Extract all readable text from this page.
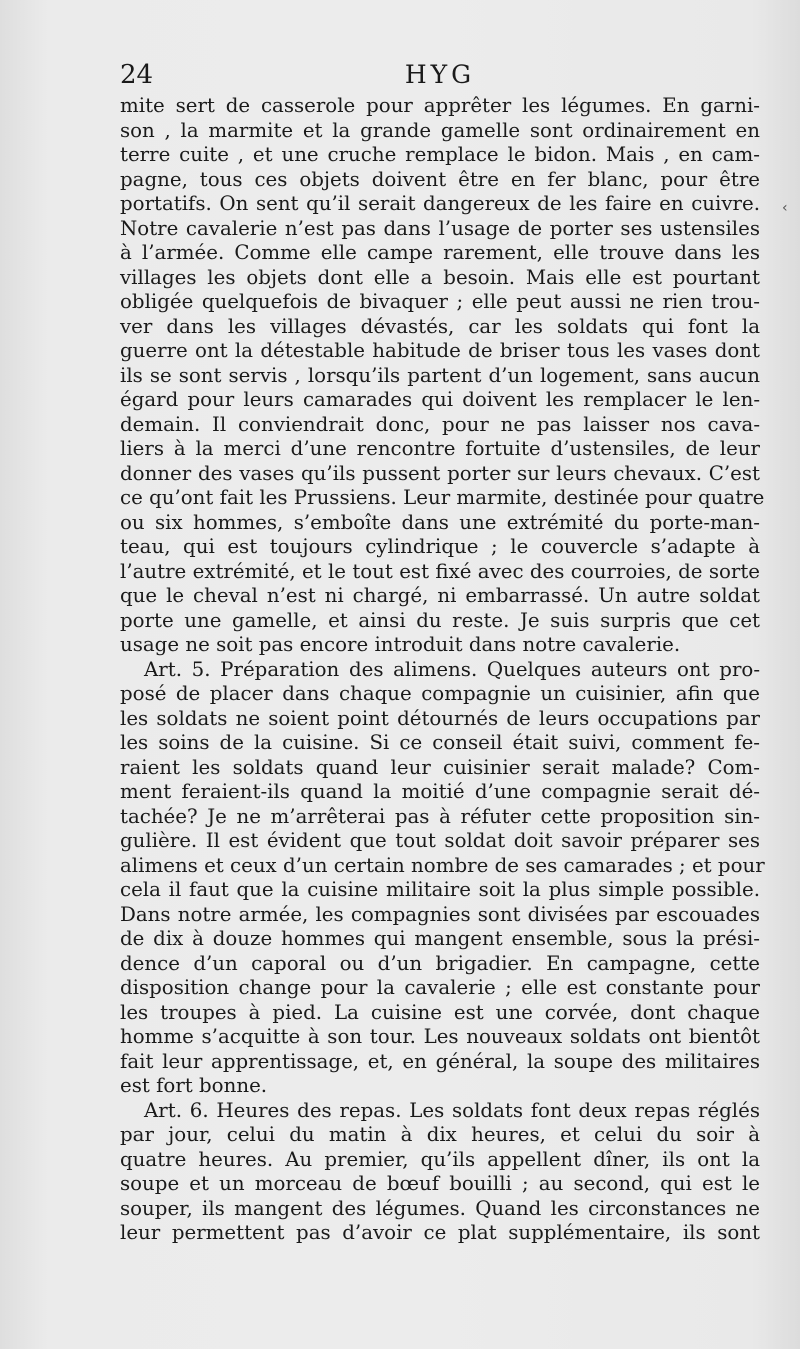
24	HYG
‹
mite sert de casserole pour apprêter les légumes. En garni-
son , la marmite et la grande gamelle sont ordinairement en
terre cuite , et une cruche remplace le bidon. Mais , en cam-
pagne, tous ces objets doivent être en fer blanc, pour être
portatifs. On sent qu’il serait dangereux de les faire en cuivre.
Notre cavalerie n’est pas dans l’usage de porter ses ustensiles
à l’armée. Comme elle campe rarement, elle trouve dans les
villages les objets dont elle a besoin. Mais elle est pourtant
obligée quelquefois de bivaquer ; elle peut aussi ne rien trou-
ver dans les villages dévastés, car les soldats qui font la
guerre ont la détestable habitude de briser tous les vases dont
ils se sont servis , lorsqu’ils partent d’un logement, sans aucun
égard pour leurs camarades qui doivent les remplacer le len-
demain. Il conviendrait donc, pour ne pas laisser nos cava-
liers à la merci d’une rencontre fortuite d’ustensiles, de leur
donner des vases qu’ils pussent porter sur leurs chevaux. C’est
ce qu’ont fait les Prussiens. Leur marmite, destinée pour quatre
ou six hommes, s’emboîte dans une extrémité du porte-man-
teau, qui est toujours cylindrique ; le couvercle s’adapte à
l’autre extrémité, et le tout est fixé avec des courroies, de sorte
que le cheval n’est ni chargé, ni embarrassé. Un autre soldat
porte une gamelle, et ainsi du reste. Je suis surpris que cet
usage ne soit pas encore introduit dans notre cavalerie.
Art. 5. Préparation des alimens. Quelques auteurs ont pro-
posé de placer dans chaque compagnie un cuisinier, afin que
les soldats ne soient point détournés de leurs occupations par
les soins de la cuisine. Si ce conseil était suivi, comment fe-
raient les soldats quand leur cuisinier serait malade? Com-
ment feraient-ils quand la moitié d’une compagnie serait dé-
tachée? Je ne m’arrêterai pas à réfuter cette proposition sin-
gulière. Il est évident que tout soldat doit savoir préparer ses
alimens et ceux d’un certain nombre de ses camarades ; et pour
cela il faut que la cuisine militaire soit la plus simple possible.
Dans notre armée, les compagnies sont divisées par escouades
de dix à douze hommes qui mangent ensemble, sous la prési-
dence d’un caporal ou d’un brigadier. En campagne, cette
disposition change pour la cavalerie ; elle est constante pour
les troupes à pied. La cuisine est une corvée, dont chaque
homme s’acquitte à son tour. Les nouveaux soldats ont bientôt
fait leur apprentissage, et, en général, la soupe des militaires
est fort bonne.
Art. 6. Heures des repas. Les soldats font deux repas réglés
par jour, celui du matin à dix heures, et celui du soir à
quatre heures. Au premier, qu’ils appellent dîner, ils ont la
soupe et un morceau de bœuf bouilli ; au second, qui est le
souper, ils mangent des légumes. Quand les circonstances ne
leur permettent pas d’avoir ce plat supplémentaire, ils sont
